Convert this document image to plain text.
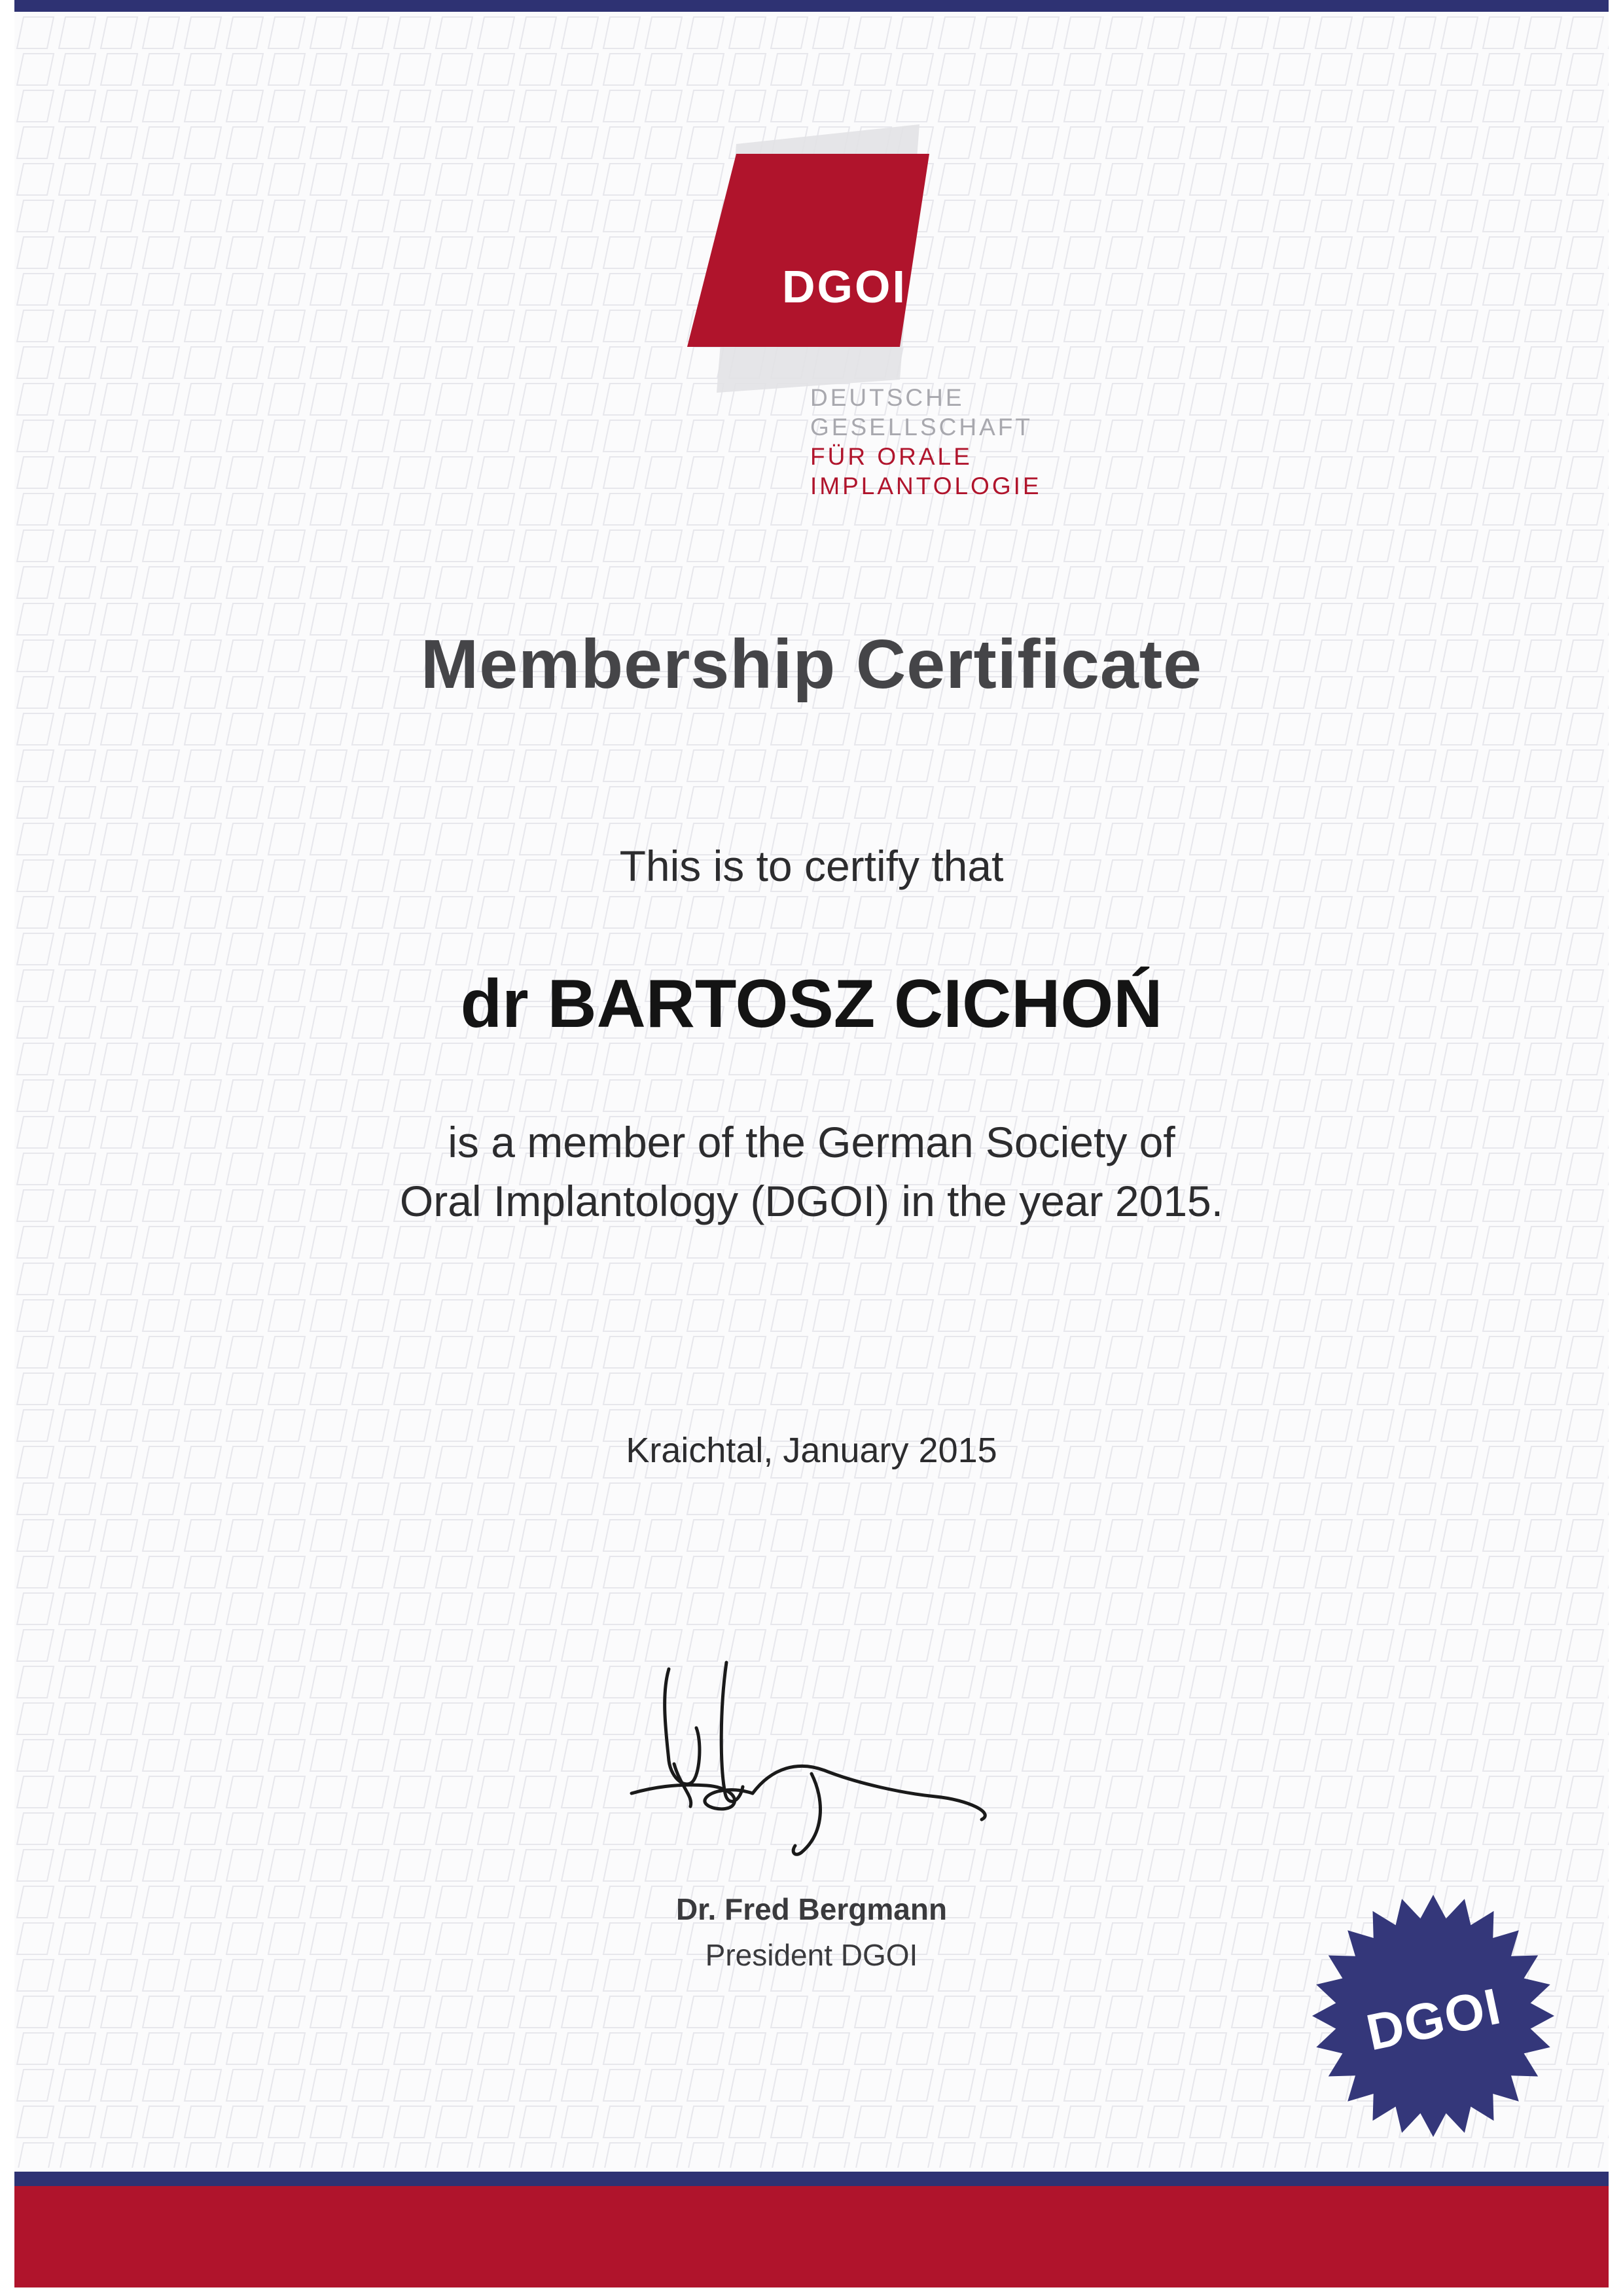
DGOI
DEUTSCHE
GESELLSCHAFT
FÜR ORALE
IMPLANTOLOGIE
Membership Certificate
This is to certify that
dr BARTOSZ CICHOŃ
is a member of the German Society of
Oral Implantology (DGOI) in the year 2015.
Kraichtal, January 2015
Dr. Fred Bergmann
President DGOI
DGOI
